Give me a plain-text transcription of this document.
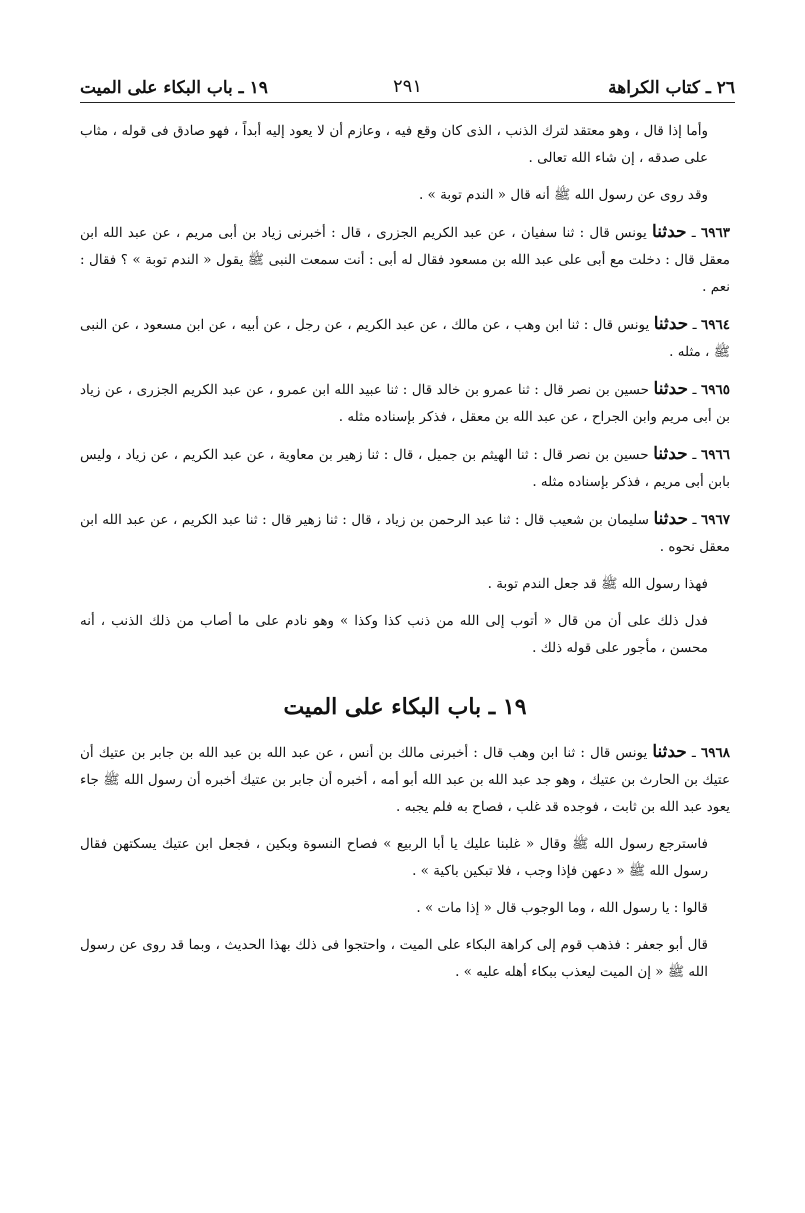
٢٦ ـ كتاب الكراهة
٢٩١
١٩ ـ باب البكاء على الميت

وأما إذا قال ، وهو معتقد لترك الذنب ، الذى كان وقع فيه ، وعازم أن لا يعود إليه أبداً ، فهو صادق فى قوله ، مثاب على صدقه ، إن شاء الله تعالى .

وقد روى عن رسول الله ﷺ أنه قال « الندم توبة » .

٦٩٦٣ ـ حدثنا يونس قال : ثنا سفيان ، عن عبد الكريم الجزرى ، قال : أخبرنى زياد بن أبى مريم ، عن عبد الله ابن معقل قال : دخلت مع أبى على عبد الله بن مسعود فقال له أبى : أنت سمعت النبى ﷺ يقول « الندم توبة » ؟ فقال : نعم .

٦٩٦٤ ـ حدثنا يونس قال : ثنا ابن وهب ، عن مالك ، عن عبد الكريم ، عن رجل ، عن أبيه ، عن ابن مسعود ، عن النبى ﷺ ، مثله .

٦٩٦٥ ـ حدثنا حسين بن نصر قال : ثنا عمرو بن خالد قال : ثنا عبيد الله ابن عمرو ، عن عبد الكريم الجزرى ، عن زياد بن أبى مريم وابن الجراح ، عن عبد الله بن معقل ، فذكر بإسناده مثله .

٦٩٦٦ ـ حدثنا حسين بن نصر قال : ثنا الهيثم بن جميل ، قال : ثنا زهير بن معاوية ، عن عبد الكريم ، عن زياد ، وليس بابن أبى مريم ، فذكر بإسناده مثله .

٦٩٦٧ ـ حدثنا سليمان بن شعيب قال : ثنا عبد الرحمن بن زياد ، قال : ثنا زهير قال : ثنا عبد الكريم ، عن عبد الله ابن معقل نحوه .

فهذا رسول الله ﷺ قد جعل الندم توبة .

فدل ذلك على أن من قال « أتوب إلى الله من ذنب كذا وكذا » وهو نادم على ما أصاب من ذلك الذنب ، أنه محسن ، مأجور على قوله ذلك .

١٩ ـ باب البكاء على الميت

٦٩٦٨ ـ حدثنا يونس قال : ثنا ابن وهب قال : أخبرنى مالك بن أنس ، عن عبد الله بن عبد الله بن جابر بن عتيك أن عتيك بن الحارث بن عتيك ، وهو جد عبد الله بن عبد الله أبو أمه ، أخبره أن جابر بن عتيك أخبره أن رسول الله ﷺ جاء يعود عبد الله بن ثابت ، فوجده قد غلب ، فصاح به فلم يجبه .

فاسترجع رسول الله ﷺ وقال « غلبنا عليك يا أبا الربيع » فصاح النسوة وبكين ، فجعل ابن عتيك يسكتهن فقال رسول الله ﷺ « دعهن فإذا وجب ، فلا تبكين باكية » .

قالوا : يا رسول الله ، وما الوجوب قال « إذا مات » .

قال أبو جعفر : فذهب قوم إلى كراهة البكاء على الميت ، واحتجوا فى ذلك بهذا الحديث ، وبما قد روى عن رسول الله ﷺ « إن الميت ليعذب ببكاء أهله عليه » .
